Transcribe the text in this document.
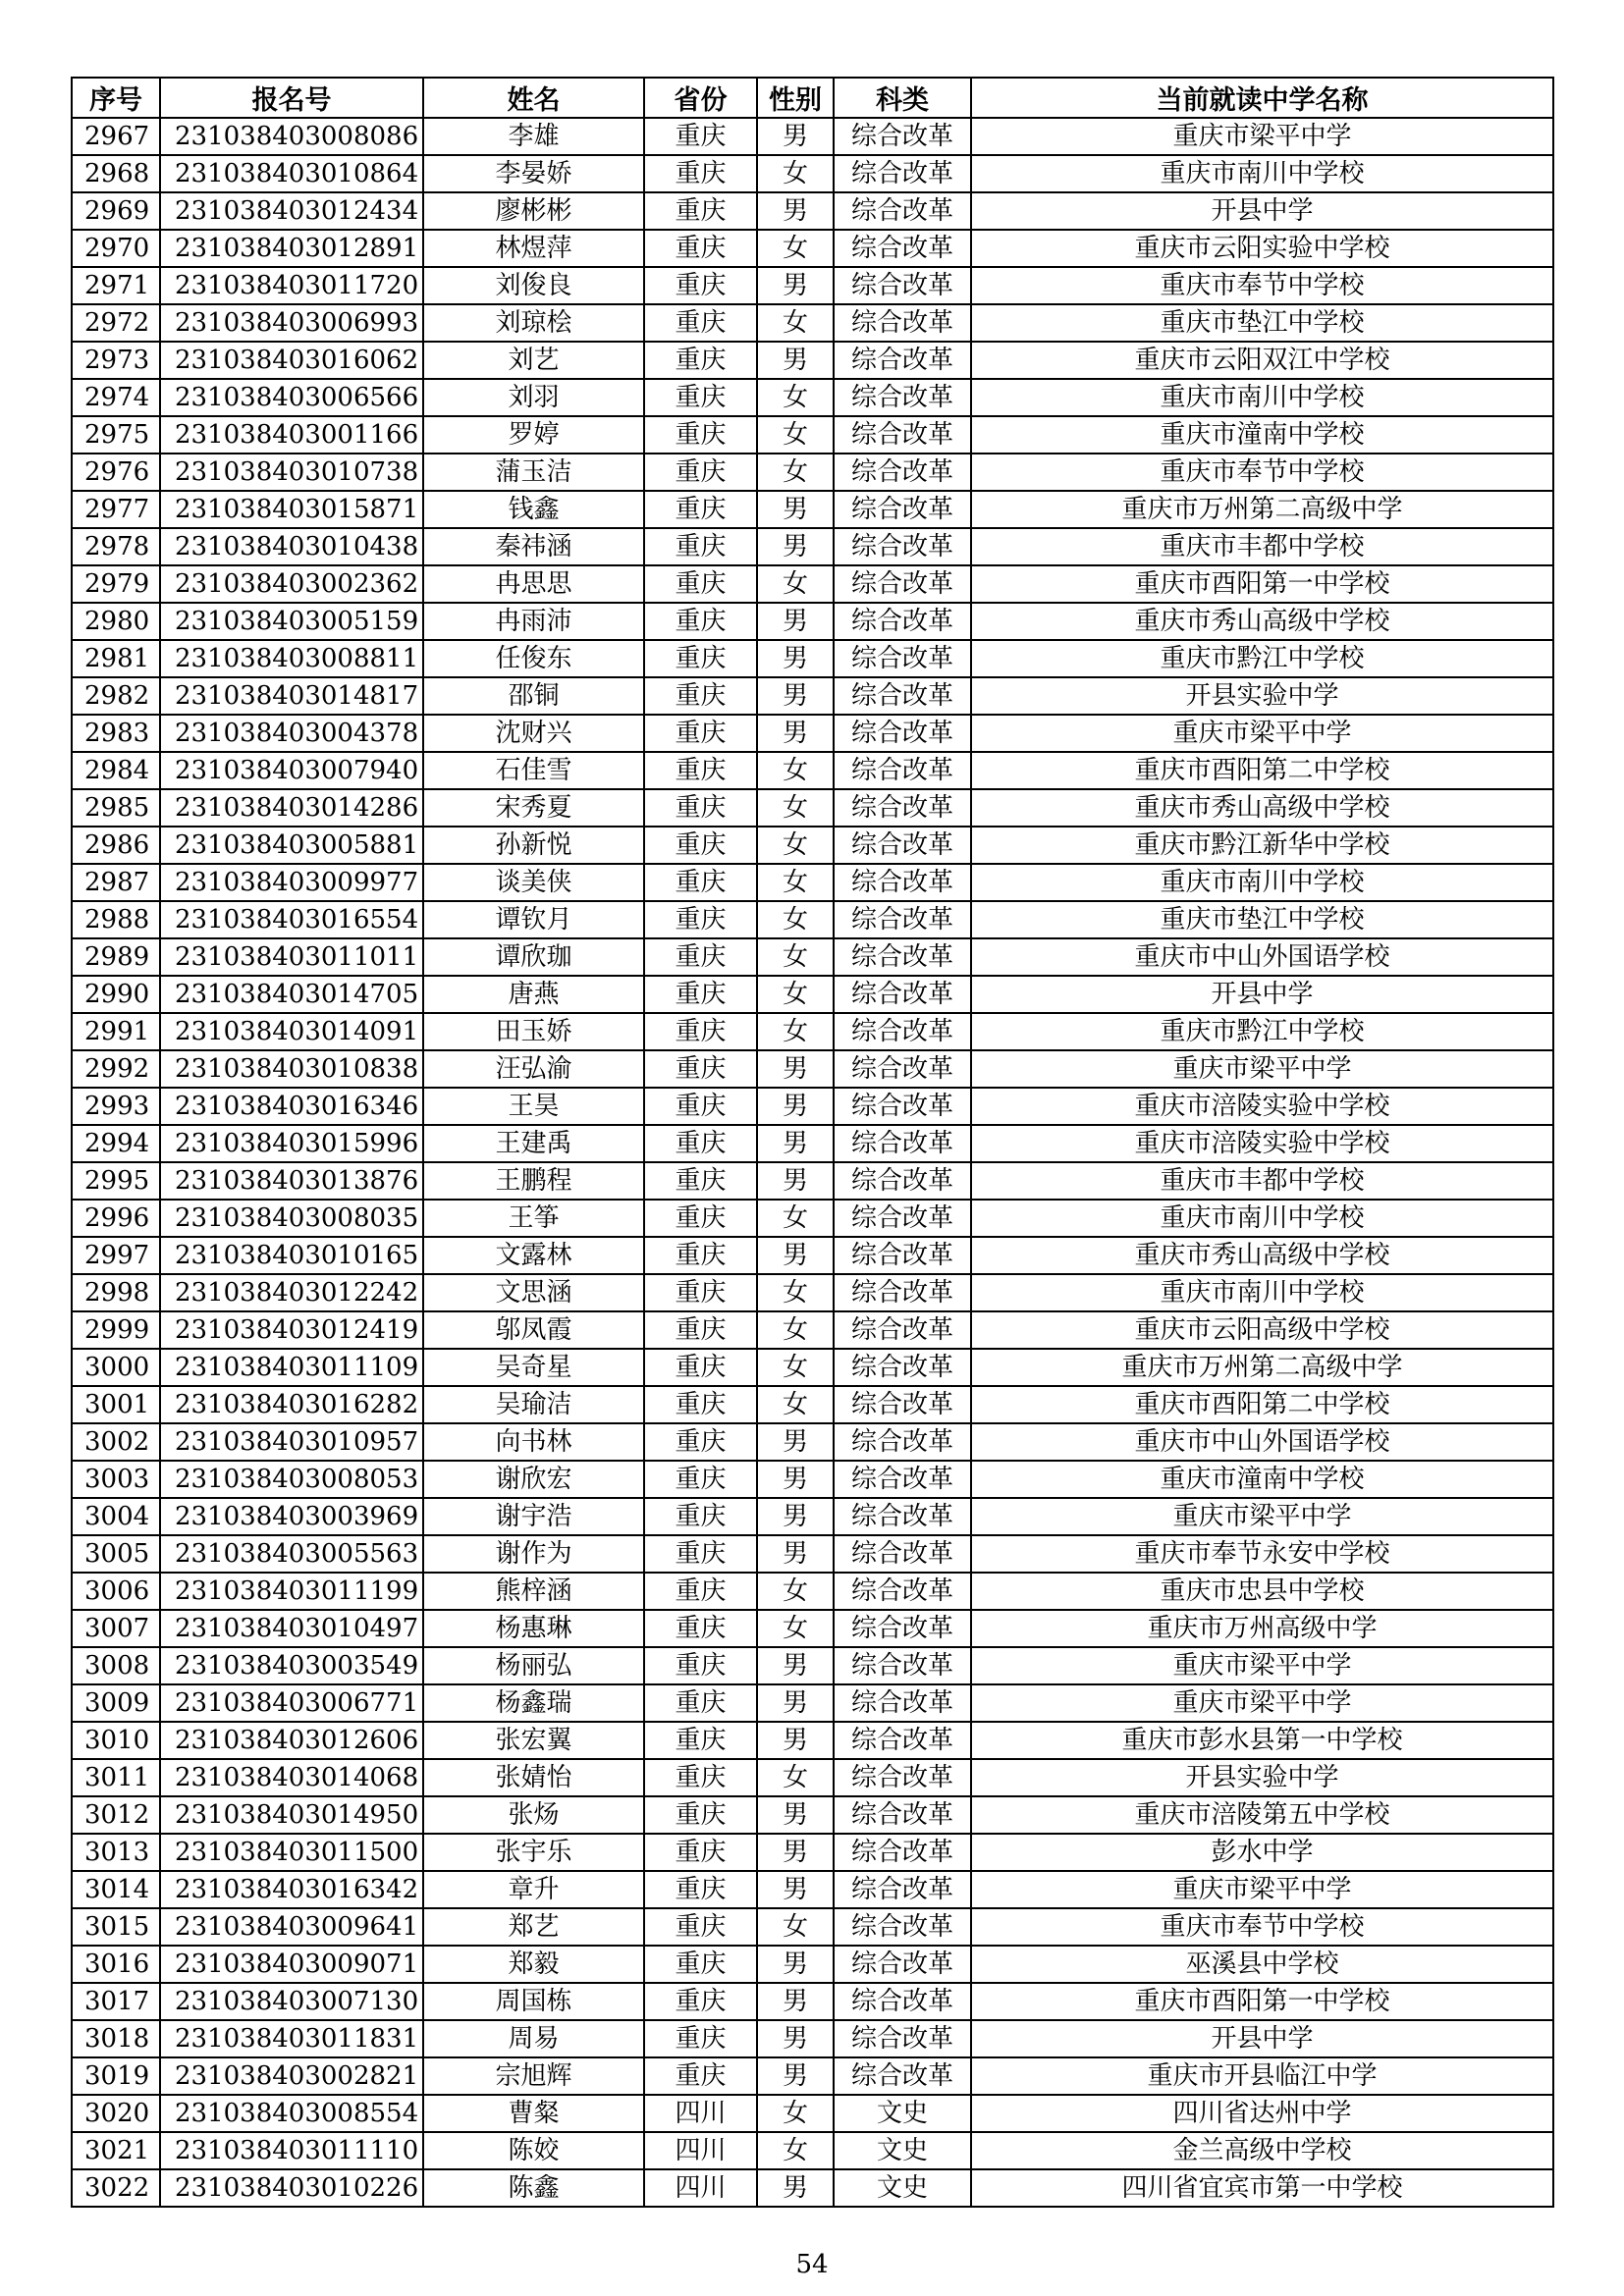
序号	报名号	姓名	省份	性别	科类	当前就读中学名称
2967	231038403008086	李雄	重庆	男	综合改革	重庆市梁平中学
2968	231038403010864	李晏娇	重庆	女	综合改革	重庆市南川中学校
2969	231038403012434	廖彬彬	重庆	男	综合改革	开县中学
2970	231038403012891	林煜萍	重庆	女	综合改革	重庆市云阳实验中学校
2971	231038403011720	刘俊良	重庆	男	综合改革	重庆市奉节中学校
2972	231038403006993	刘琼桧	重庆	女	综合改革	重庆市垫江中学校
2973	231038403016062	刘艺	重庆	男	综合改革	重庆市云阳双江中学校
2974	231038403006566	刘羽	重庆	女	综合改革	重庆市南川中学校
2975	231038403001166	罗婷	重庆	女	综合改革	重庆市潼南中学校
2976	231038403010738	蒲玉洁	重庆	女	综合改革	重庆市奉节中学校
2977	231038403015871	钱鑫	重庆	男	综合改革	重庆市万州第二高级中学
2978	231038403010438	秦祎涵	重庆	男	综合改革	重庆市丰都中学校
2979	231038403002362	冉思思	重庆	女	综合改革	重庆市酉阳第一中学校
2980	231038403005159	冉雨沛	重庆	男	综合改革	重庆市秀山高级中学校
2981	231038403008811	任俊东	重庆	男	综合改革	重庆市黔江中学校
2982	231038403014817	邵铜	重庆	男	综合改革	开县实验中学
2983	231038403004378	沈财兴	重庆	男	综合改革	重庆市梁平中学
2984	231038403007940	石佳雪	重庆	女	综合改革	重庆市酉阳第二中学校
2985	231038403014286	宋秀夏	重庆	女	综合改革	重庆市秀山高级中学校
2986	231038403005881	孙新悦	重庆	女	综合改革	重庆市黔江新华中学校
2987	231038403009977	谈美侠	重庆	女	综合改革	重庆市南川中学校
2988	231038403016554	谭钦月	重庆	女	综合改革	重庆市垫江中学校
2989	231038403011011	谭欣珈	重庆	女	综合改革	重庆市中山外国语学校
2990	231038403014705	唐燕	重庆	女	综合改革	开县中学
2991	231038403014091	田玉娇	重庆	女	综合改革	重庆市黔江中学校
2992	231038403010838	汪弘渝	重庆	男	综合改革	重庆市梁平中学
2993	231038403016346	王昊	重庆	男	综合改革	重庆市涪陵实验中学校
2994	231038403015996	王建禹	重庆	男	综合改革	重庆市涪陵实验中学校
2995	231038403013876	王鹏程	重庆	男	综合改革	重庆市丰都中学校
2996	231038403008035	王筝	重庆	女	综合改革	重庆市南川中学校
2997	231038403010165	文露林	重庆	男	综合改革	重庆市秀山高级中学校
2998	231038403012242	文思涵	重庆	女	综合改革	重庆市南川中学校
2999	231038403012419	邬凤霞	重庆	女	综合改革	重庆市云阳高级中学校
3000	231038403011109	吴奇星	重庆	女	综合改革	重庆市万州第二高级中学
3001	231038403016282	吴瑜洁	重庆	女	综合改革	重庆市酉阳第二中学校
3002	231038403010957	向书林	重庆	男	综合改革	重庆市中山外国语学校
3003	231038403008053	谢欣宏	重庆	男	综合改革	重庆市潼南中学校
3004	231038403003969	谢宇浩	重庆	男	综合改革	重庆市梁平中学
3005	231038403005563	谢作为	重庆	男	综合改革	重庆市奉节永安中学校
3006	231038403011199	熊梓涵	重庆	女	综合改革	重庆市忠县中学校
3007	231038403010497	杨惠琳	重庆	女	综合改革	重庆市万州高级中学
3008	231038403003549	杨丽弘	重庆	男	综合改革	重庆市梁平中学
3009	231038403006771	杨鑫瑞	重庆	男	综合改革	重庆市梁平中学
3010	231038403012606	张宏翼	重庆	男	综合改革	重庆市彭水县第一中学校
3011	231038403014068	张婧怡	重庆	女	综合改革	开县实验中学
3012	231038403014950	张炀	重庆	男	综合改革	重庆市涪陵第五中学校
3013	231038403011500	张宇乐	重庆	男	综合改革	彭水中学
3014	231038403016342	章升	重庆	男	综合改革	重庆市梁平中学
3015	231038403009641	郑艺	重庆	女	综合改革	重庆市奉节中学校
3016	231038403009071	郑毅	重庆	男	综合改革	巫溪县中学校
3017	231038403007130	周国栋	重庆	男	综合改革	重庆市酉阳第一中学校
3018	231038403011831	周易	重庆	男	综合改革	开县中学
3019	231038403002821	宗旭辉	重庆	男	综合改革	重庆市开县临江中学
3020	231038403008554	曹粲	四川	女	文史	四川省达州中学
3021	231038403011110	陈姣	四川	女	文史	金兰高级中学校
3022	231038403010226	陈鑫	四川	男	文史	四川省宜宾市第一中学校
54
